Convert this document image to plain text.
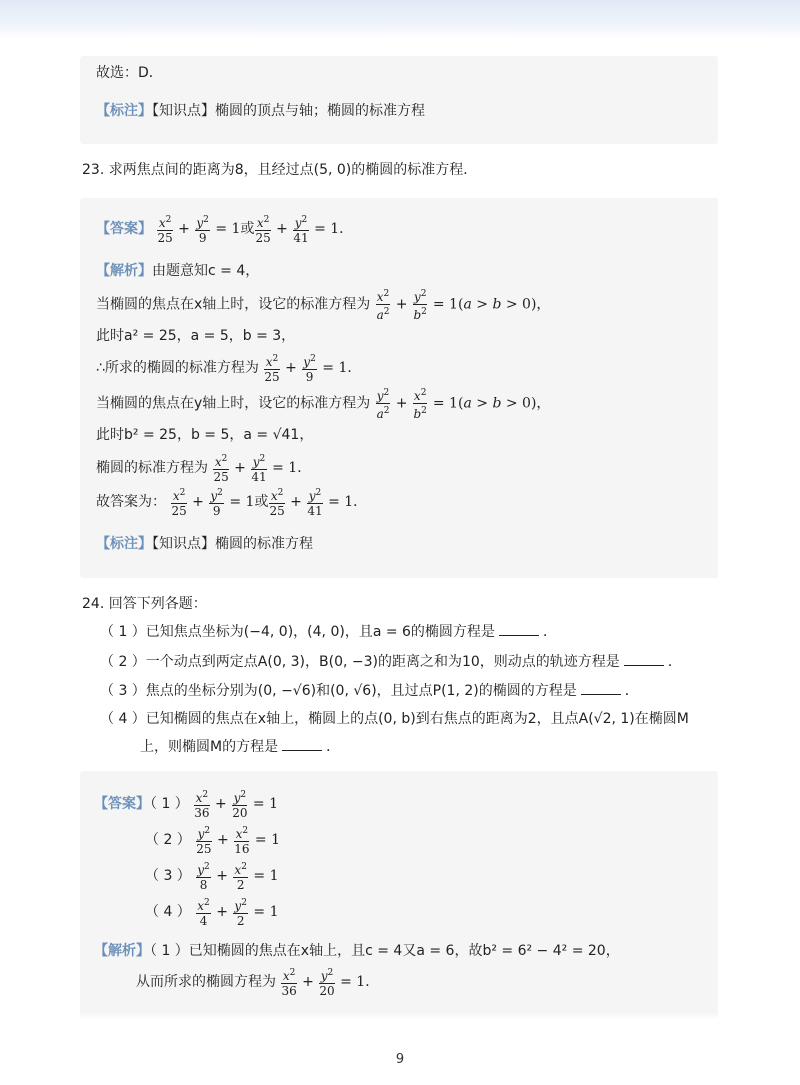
故选：D．
【标注】【知识点】椭圆的顶点与轴；椭圆的标准方程
23. 求两焦点间的距离为8，且经过点(5, 0)的椭圆的标准方程．
【答案】 $\frac{x^2}{25} + \frac{y^2}{9} = 1$或 $\frac{x^2}{25} + \frac{y^2}{41} = 1$．
【解析】由题意知c = 4，
当椭圆的焦点在x轴上时，设它的标准方程为 $\frac{x^2}{a^2} + \frac{y^2}{b^2} = 1(a > b > 0)$，
此时a² = 25，a = 5，b = 3，
∴所求的椭圆的标准方程为 $\frac{x^2}{25} + \frac{y^2}{9} = 1$．
当椭圆的焦点在y轴上时，设它的标准方程为 $\frac{y^2}{a^2} + \frac{x^2}{b^2} = 1(a > b > 0)$，
此时b² = 25，b = 5，a = √41，
椭圆的标准方程为 $\frac{x^2}{25} + \frac{y^2}{41} = 1$．
故答案为： $\frac{x^2}{25} + \frac{y^2}{9} = 1$或 $\frac{x^2}{25} + \frac{y^2}{41} = 1$．
【标注】【知识点】椭圆的标准方程
24. 回答下列各题：
（ 1 ）已知焦点坐标为(−4, 0)，(4, 0)，且a = 6的椭圆方程是	．
（ 2 ）一个动点到两定点A(0, 3)，B(0, −3)的距离之和为10，则动点的轨迹方程是	．
（ 3 ）焦点的坐标分别为(0, −√6)和(0, √6)，且过点P(1, 2)的椭圆的方程是	．
（ 4 ）已知椭圆的焦点在x轴上，椭圆上的点(0, b)到右焦点的距离为2，且点A(√2, 1)在椭圆M
上，则椭圆M的方程是	．
【答案】（ 1 ） $\frac{x^2}{36} + \frac{y^2}{20} = 1$
（ 2 ） $\frac{y^2}{25} + \frac{x^2}{16} = 1$
（ 3 ） $\frac{y^2}{8} + \frac{x^2}{2} = 1$
（ 4 ） $\frac{x^2}{4} + \frac{y^2}{2} = 1$
【解析】（ 1 ）已知椭圆的焦点在x轴上，且c = 4又a = 6，故b² = 6² − 4² = 20，
从而所求的椭圆方程为 $\frac{x^2}{36} + \frac{y^2}{20} = 1$．
9
